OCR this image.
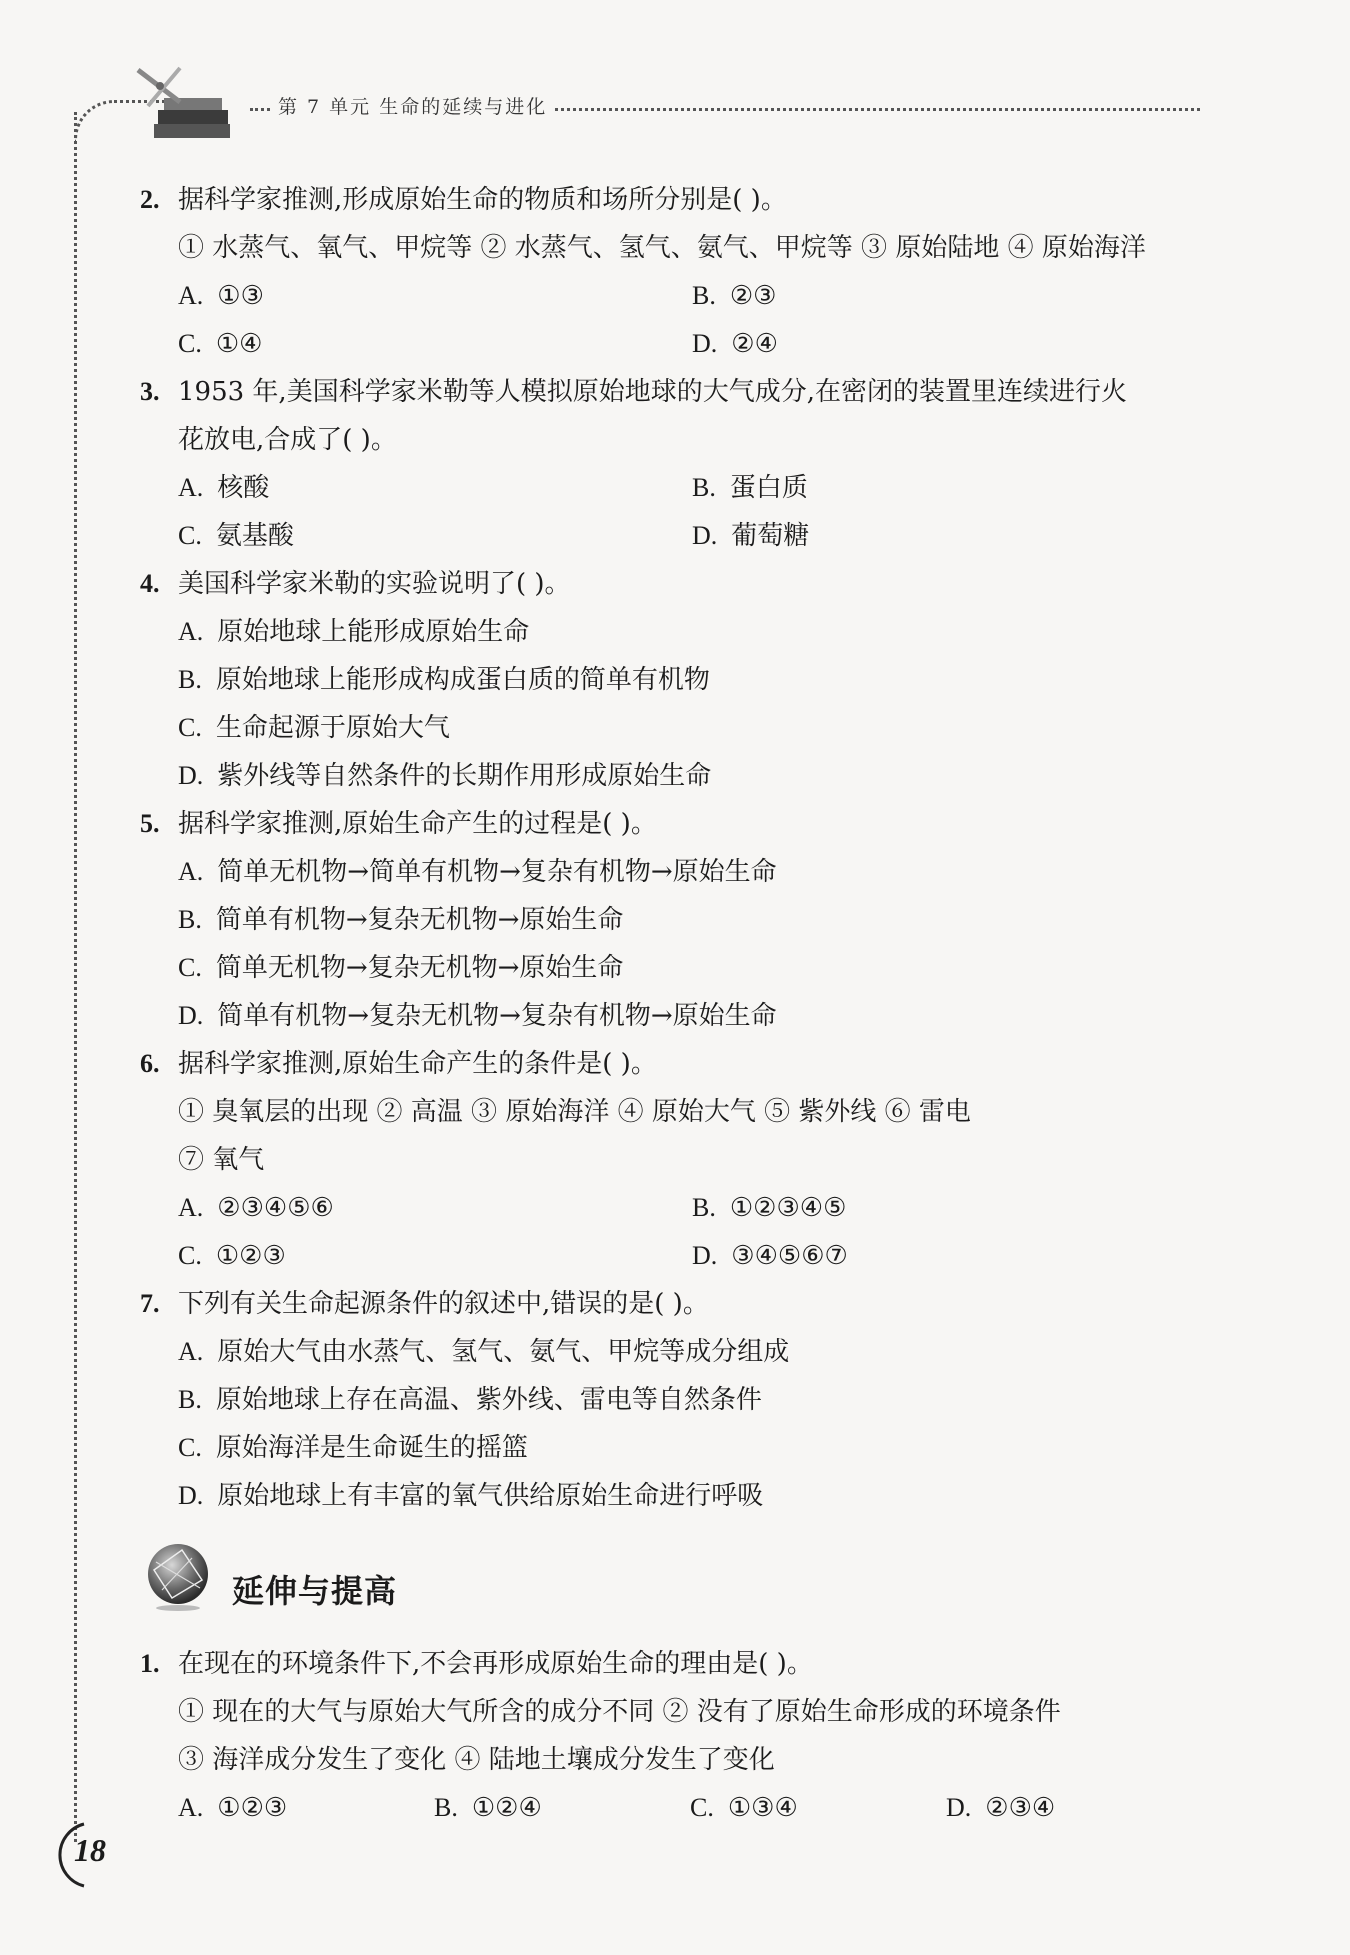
第 7 单元 生命的延续与进化
2. 据科学家推测,形成原始生命的物质和场所分别是( )。
① 水蒸气、氧气、甲烷等 ② 水蒸气、氢气、氨气、甲烷等 ③ 原始陆地 ④ 原始海洋
A. ①③	B. ②③
C. ①④	D. ②④
3. 1953 年,美国科学家米勒等人模拟原始地球的大气成分,在密闭的装置里连续进行火
花放电,合成了( )。
A. 核酸	B. 蛋白质
C. 氨基酸	D. 葡萄糖
4. 美国科学家米勒的实验说明了( )。
A. 原始地球上能形成原始生命
B. 原始地球上能形成构成蛋白质的简单有机物
C. 生命起源于原始大气
D. 紫外线等自然条件的长期作用形成原始生命
5. 据科学家推测,原始生命产生的过程是( )。
A. 简单无机物→简单有机物→复杂有机物→原始生命
B. 简单有机物→复杂无机物→原始生命
C. 简单无机物→复杂无机物→原始生命
D. 简单有机物→复杂无机物→复杂有机物→原始生命
6. 据科学家推测,原始生命产生的条件是( )。
① 臭氧层的出现 ② 高温 ③ 原始海洋 ④ 原始大气 ⑤ 紫外线 ⑥ 雷电
⑦ 氧气
A. ②③④⑤⑥	B. ①②③④⑤
C. ①②③	D. ③④⑤⑥⑦
7. 下列有关生命起源条件的叙述中,错误的是( )。
A. 原始大气由水蒸气、氢气、氨气、甲烷等成分组成
B. 原始地球上存在高温、紫外线、雷电等自然条件
C. 原始海洋是生命诞生的摇篮
D. 原始地球上有丰富的氧气供给原始生命进行呼吸
延伸与提高
1. 在现在的环境条件下,不会再形成原始生命的理由是( )。
① 现在的大气与原始大气所含的成分不同 ② 没有了原始生命形成的环境条件
③ 海洋成分发生了变化 ④ 陆地土壤成分发生了变化
A. ①②③	B. ①②④	C. ①③④	D. ②③④
18
